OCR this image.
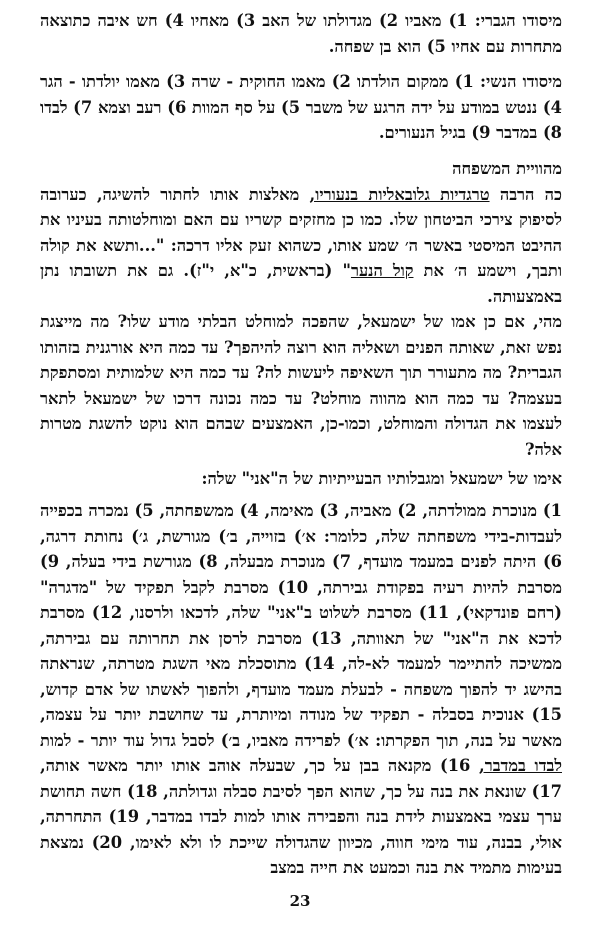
מיסודו הגברי: 1) מאביו 2) מגדולתו של האב 3) מאחיו 4) חש איבה כתוצאה מתחרות עם אחיו 5) הוא בן שפחה.

מיסודו הנשי: 1) ממקום הולדתו 2) מאמו החוקית - שרה 3) מאמו יולדתו - הגר 4) ננטש במודע על ידה הרגע של משבר 5) על סף המוות 6) רעב וצמא 7) לבדו 8) במדבר 9) בגיל הנעורים.

מהוויית המשפחה

כה הרבה טרגדיות גלובאליות בנעוריו, מאלצות אותו לחתור להשיגה, כערובה לסיפוק צירכי הביטחון שלו. כמו כן מחזקים קשריו עם האם ומוחלטותה בעיניו את ההיבט המיסטי באשר ה׳ שמע אותו, כשהוא זעק אליו דרכה: "...ותשא את קולה ותבך, וישמע ה׳ את קול הנער" (בראשית, כ"א, י"ז). גם את תשובתו נתן באמצעותה.

מהי, אם כן אמו של ישמעאל, שהפכה למוחלט הבלתי מודע שלו? מה מייצגת נפש זאת, שאותה הפנים ושאליה הוא רוצה להיהפך? עד כמה היא אורגנית בזהותו הגברית? מה מתעורר תוך השאיפה ליעשות לה? עד כמה היא שלמותית ומסתפקת בעצמה? עד כמה הוא מהווה מוחלט? עד כמה נכונה דרכו של ישמעאל לתאר לעצמו את הגדולה והמוחלט, וכמו-כן, האמצעים שבהם הוא נוקט להשגת מטרות אלה?

אימו של ישמעאל ומגבלותיו הבעייתיות של ה"אני" שלה:

1) מנוכרת ממולדתה, 2) מאביה, 3) מאימה, 4) ממשפחתה, 5) נמכרה בכפייה לעבדות-בידי משפחתה שלה, כלומר: א׳) בזוייה, ב׳) מגורשת, ג׳) נחותת דרגה, 6) היתה לפנים במעמד מועדף, 7) מנוכרת מבעלה, 8) מגורשת בידי בעלה, 9) מסרבת להיות רעיה בפקודת גבירתה, 10) מסרבת לקבל תפקיד של "מדגרה" (רחם פונדקאי), 11) מסרבת לשלוט ב"אני" שלה, לדכאו ולרסנו, 12) מסרבת לדכא את ה"אני" של תאוותה, 13) מסרבת לרסן את תחרותה עם גבירתה, ממשיכה להתיימר למעמד לא-לה, 14) מתוסכלת מאי השגת מטרתה, שנראתה בהישג יד להפוך משפחה - לבעלת מעמד מועדף, ולהפוך לאשתו של אדם קדוש, 15) אנוכית בסבלה - תפקיד של מנודה ומיותרת, עד שחושבת יותר על עצמה, מאשר על בנה, תוך הפקרתו: א׳) לפרידה מאביו, ב׳) לסבל גדול עוד יותר - למות לבדו במדבר, 16) מקנאה בבן על כך, שבעלה אוהב אותו יותר מאשר אותה, 17) שונאת את בנה על כך, שהוא הפך לסיבת סבלה וגדולתה, 18) חשה תחושת ערך עצמי באמצעות לידת בנה והפבירה אותו למות לבדו במדבר, 19) התחרתה, אולי, בבנה, עוד מימי חווה, מכיוון שהגדולה שייכת לו ולא לאימו, 20) נמצאת בעימות מתמיד את בנה וכמעט את חייה במצב

23
